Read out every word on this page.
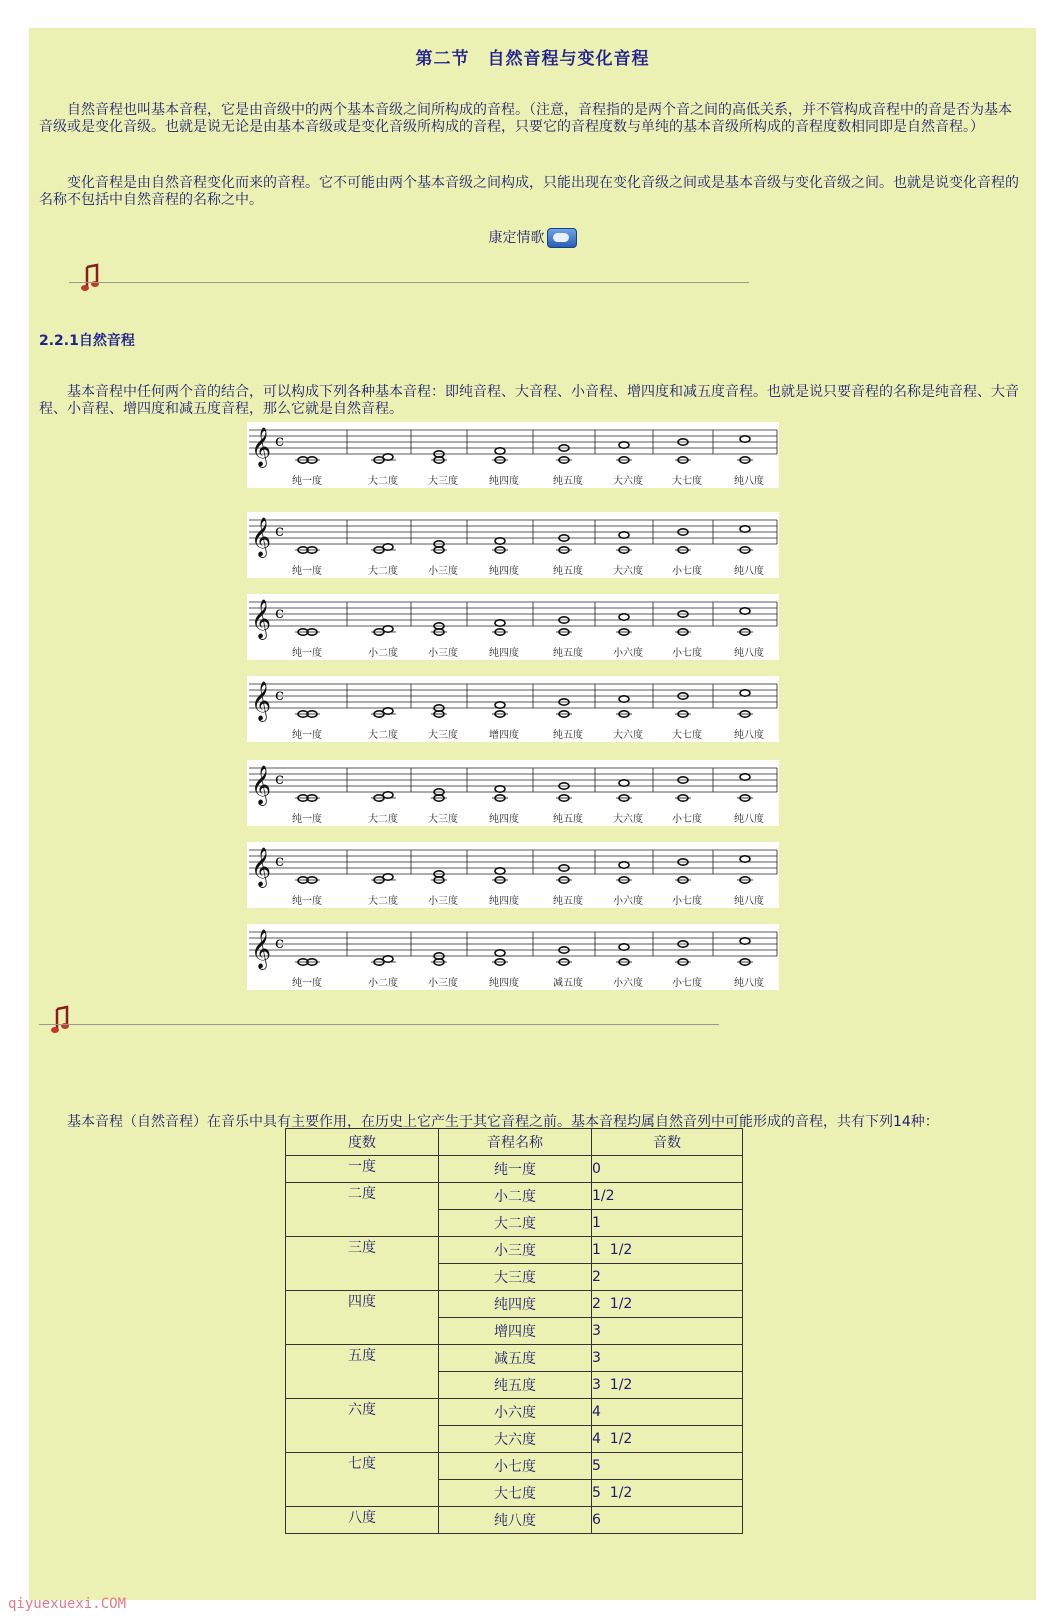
第二节　自然音程与变化音程

自然音程也叫基本音程，它是由音级中的两个基本音级之间所构成的音程。（注意，音程指的是两个音之间的高低关系，并不管构成音程中的音是否为基本音级或是变化音级。也就是说无论是由基本音级或是变化音级所构成的音程，只要它的音程度数与单纯的基本音级所构成的音程度数相同即是自然音程。）

变化音程是由自然音程变化而来的音程。它不可能由两个基本音级之间构成，只能出现在变化音级之间或是基本音级与变化音级之间。也就是说变化音程的名称不包括中自然音程的名称之中。

康定情歌
2.2.1自然音程

基本音程中任何两个音的结合，可以构成下列各种基本音程：即纯音程、大音程、小音程、增四度和减五度音程。也就是说只要音程的名称是纯音程、大音程、小音程、增四度和减五度音程，那么它就是自然音程。

𝄞 c
纯一度	大二度	大三度	纯四度	纯五度	大六度	大七度	纯八度
𝄞 c
纯一度	大二度	小三度	纯四度	纯五度	大六度	小七度	纯八度
𝄞 c
纯一度	小二度	小三度	纯四度	纯五度	小六度	小七度	纯八度
𝄞 c
纯一度	大二度	大三度	增四度	纯五度	大六度	大七度	纯八度
𝄞 c
纯一度	大二度	大三度	纯四度	纯五度	大六度	小七度	纯八度
𝄞 c
纯一度	大二度	小三度	纯四度	纯五度	小六度	小七度	纯八度
𝄞 c
纯一度	小二度	小三度	纯四度	减五度	小六度	小七度	纯八度

基本音程（自然音程）在音乐中具有主要作用，在历史上它产生于其它音程之前。基本音程均属自然音列中可能形成的音程，共有下列14种：

度数	音程名称	音数
一度	纯一度	0
二度	小二度	1/2
	大二度	1
三度	小三度	1  1/2
	大三度	2
四度	纯四度	2  1/2
	增四度	3
五度	减五度	3
	纯五度	3  1/2
六度	小六度	4
	大六度	4  1/2
七度	小七度	5
	大七度	5  1/2
八度	纯八度	6
qiyuexuexi.COM
